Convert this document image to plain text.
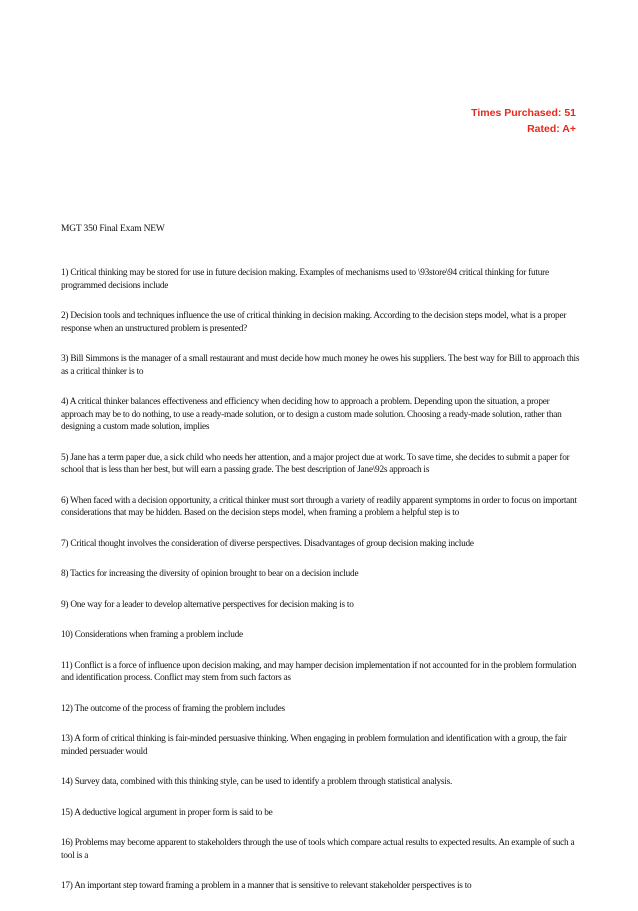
Times Purchased: 51
Rated: A+
MGT 350 Final Exam NEW
1) Critical thinking may be stored for use in future decision making. Examples of mechanisms used to \93store\94 critical thinking for future programmed decisions include
2) Decision tools and techniques influence the use of critical thinking in decision making. According to the decision steps model, what is a proper response when an unstructured problem is presented?
3) Bill Simmons is the manager of a small restaurant and must decide how much money he owes his suppliers. The best way for Bill to approach this as a critical thinker is to
4) A critical thinker balances effectiveness and efficiency when deciding how to approach a problem. Depending upon the situation, a proper approach may be to do nothing, to use a ready-made solution, or to design a custom made solution. Choosing a ready-made solution, rather than designing a custom made solution, implies
5) Jane has a term paper due, a sick child who needs her attention, and a major project due at work. To save time, she decides to submit a paper for school that is less than her best, but will earn a passing grade. The best description of Jane\92s approach is
6) When faced with a decision opportunity, a critical thinker must sort through a variety of readily apparent symptoms in order to focus on important considerations that may be hidden. Based on the decision steps model, when framing a problem a helpful step is to
7) Critical thought involves the consideration of diverse perspectives. Disadvantages of group decision making include
8) Tactics for increasing the diversity of opinion brought to bear on a decision include
9) One way for a leader to develop alternative perspectives for decision making is to
10) Considerations when framing a problem include
11) Conflict is a force of influence upon decision making, and may hamper decision implementation if not accounted for in the problem formulation and identification process. Conflict may stem from such factors as
12) The outcome of the process of framing the problem includes
13) A form of critical thinking is fair-minded persuasive thinking. When engaging in problem formulation and identification with a group, the fair minded persuader would
14) Survey data, combined with this thinking style, can be used to identify a problem through statistical analysis.
15) A deductive logical argument in proper form is said to be
16) Problems may become apparent to stakeholders through the use of tools which compare actual results to expected results. An example of such a tool is a
17) An important step toward framing a problem in a manner that is sensitive to relevant stakeholder perspectives is to
